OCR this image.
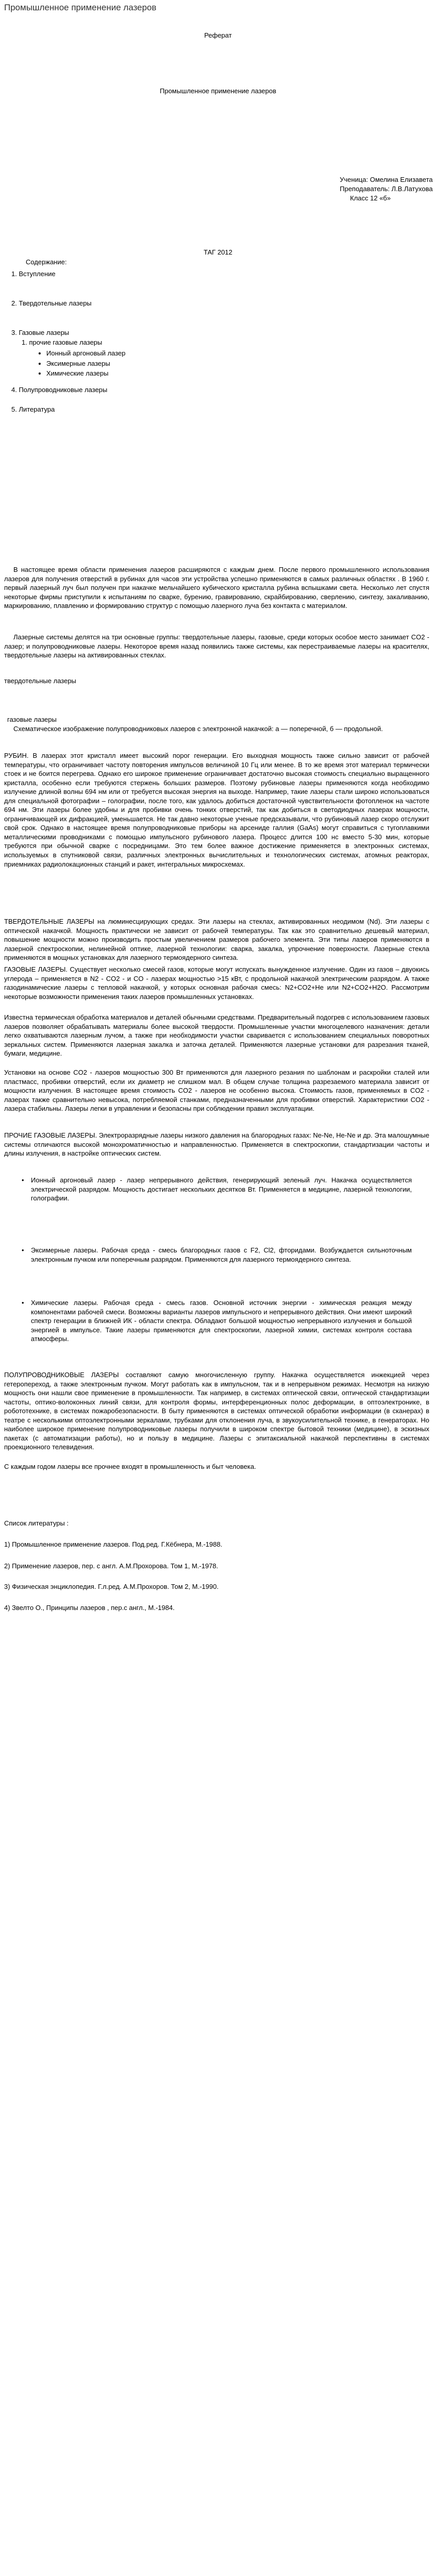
Промышленное применение лазеров
Реферат
Промышленное применение лазеров
Ученица: Омелина Елизавета
Преподаватель: Л.В.Латухова
Класс 12 «б»
ТАГ 2012
Содержание:
1. Вступление
2. Твердотельные лазеры
3. Газовые лазеры
1. прочие газовые лазеры
• Ионный аргоновый лазер
• Эксимерные лазеры
• Химические лазеры
4. Полупроводниковые лазеры
5. Литература
В настоящее время области применения лазеров расширяются с каждым днем. После первого промышленного использования лазеров для получения отверстий в рубинах для часов эти устройства успешно применяются в самых различных областях . В 1960 г. первый лазерный луч был получен при накачке мельчайшего кубического кристалла рубина вспышками света. Несколько лет спустя некоторые фирмы приступили к испытаниям по сварке, бурению, гравированию, скрайбированию, сверлению, синтезу, закаливанию, маркированию, плавлению и формированию структур с помощью лазерного луча без контакта с материалом.
Лазерные системы делятся на три основные группы: твердотельные лазеры, газовые, среди которых особое место занимает CO2 - лазер; и полупроводниковые лазеры. Некоторое время назад появились также системы, как перестраиваемые лазеры на красителях, твердотельные лазеры на активированных стеклах.
твердотельные лазеры
газовые лазеры
Схематическое изображение полупроводниковых лазеров с электронной накачкой: а — поперечной, б — продольной.
РУБИН. В лазерах этот кристалл имеет высокий порог генерации. Его выходная мощность также сильно зависит от рабочей температуры, что ограничивает частоту повторения импульсов величиной 10 Гц или менее. В то же время этот материал термически стоек и не боится перегрева. Однако его широкое применение ограничивает достаточно высокая стоимость специально выращенного кристалла, особенно если требуются стержень больших размеров. Поэтому рубиновые лазеры применяются когда необходимо излучение длиной волны 694 нм или от требуется высокая энергия на выходе. Например, такие лазеры стали широко использоваться для специальной фотографии – голографии, после того, как удалось добиться достаточной чувствительности фотопленок на частоте 694 нм. Эти лазеры более удобны и для пробивки очень тонких отверстий, так как добиться в светодиодных лазерах мощности, ограничивающей их дифракцией, уменьшается. Не так давно некоторые ученые предсказывали, что рубиновый лазер скоро отслужит свой срок. Однако в настоящее время полупроводниковые приборы на арсениде галлия (GaAs) могут справиться с тугоплавкими металлическими проводниками с помощью импульсного рубинового лазера. Процесс длится 100 нс вместо 5-30 мин, которые требуются при обычной сварке с посредницами. Это тем более важное достижение применяется в электронных системах, используемых в спутниковой связи, различных электронных вычислительных и технологических системах, атомных реакторах, приемниках радиолокационных станций и ракет, интегральных микросхемах.
ТВЕРДОТЕЛЬНЫЕ ЛАЗЕРЫ на люминесцирующих средах. Эти лазеры на стеклах, активированных неодимом (Nd). Эти лазеры с оптической накачкой. Мощность практически не зависит от рабочей температуры. Так как это сравнительно дешевый материал, повышение мощности можно производить простым увеличением размеров рабочего элемента. Эти типы лазеров применяются в лазерной спектроскопии, нелинейной оптике, лазерной технологии: сварка, закалка, упрочнение поверхности. Лазерные стекла применяются в мощных установках для лазерного термоядерного синтеза.
ГАЗОВЫЕ ЛАЗЕРЫ. Существует несколько смесей газов, которые могут испускать вынужденное излучение. Один из газов – двуокись углерода – применяется в N2 - CO2 - и CO - лазерах мощностью >15 кВт, с продольной накачкой электрическим разрядом. А также газодинамические лазеры с тепловой накачкой, у которых основная рабочая смесь: N2+CO2+He или N2+CO2+H2O. Рассмотрим некоторые возможности применения таких лазеров промышленных установках.
Известна термическая обработка материалов и деталей обычными средствами. Предварительный подогрев с использованием газовых лазеров позволяет обрабатывать материалы более высокой твердости. Промышленные участки многоцелевого назначения: детали легко охватываются лазерным лучом, а также при необходимости участки сваривается с использованием специальных поворотных зеркальных систем. Применяются лазерная закалка и заточка деталей. Применяются лазерные установки для разрезания тканей, бумаги, медицине.
Установки на основе CO2 - лазеров мощностью 300 Вт применяются для лазерного резания по шаблонам и раскройки сталей или пластмасс, пробивки отверстий, если их диаметр не слишком мал. В общем случае толщина разрезаемого материала зависит от мощности излучения. В настоящее время стоимость CO2 - лазеров не особенно высока. Стоимость газов, применяемых в CO2 - лазерах также сравнительно невысока, потребляемой станками, предназначенными для пробивки отверстий. Характеристики CO2 - лазера стабильны. Лазеры легки в управлении и безопасны при соблюдении правил эксплуатации.
ПРОЧИЕ ГАЗОВЫЕ ЛАЗЕРЫ. Электроразрядные лазеры низкого давления на благородных газах: Ne-Ne, He-Ne и др. Эта малошумные системы отличаются высокой монохроматичностью и направленностью. Применяется в спектроскопии, стандартизации частоты и длины излучения, в настройке оптических систем.
• Ионный аргоновый лазер - лазер непрерывного действия, генерирующий зеленый луч. Накачка осуществляется электрической разрядом. Мощность достигает нескольких десятков Вт. Применяется в медицине, лазерной технологии, голографии.
• Эксимерные лазеры. Рабочая среда - смесь благородных газов с F2, Cl2, фторидами. Возбуждается сильноточным электронным пучком или поперечным разрядом. Применяются для лазерного термоядерного синтеза.
• Химические лазеры. Рабочая среда - смесь газов. Основной источник энергии - химическая реакция между компонентами рабочей смеси. Возможны варианты лазеров импульсного и непрерывного действия. Они имеют широкий спектр генерации в ближней ИК - области спектра. Обладают большой мощностью непрерывного излучения и большой энергией в импульсе. Такие лазеры применяются для спектроскопии, лазерной химии, системах контроля состава атмосферы.
ПОЛУПРОВОДНИКОВЫЕ ЛАЗЕРЫ составляют самую многочисленную группу. Накачка осуществляется инжекцией через гетеропереход, а также электронным пучком. Могут работать как в импульсном, так и в непрерывном режимах. Несмотря на низкую мощность они нашли свое применение в промышленности. Так например, в системах оптической связи, оптической стандартизации частоты, оптико-волоконных линий связи, для контроля формы, интерференционных полос деформации, в оптоэлектронике, в робототехнике, в системах пожаробезопасности. В быту применяются в системах оптической обработки информации (в сканерах) в театре с несколькими оптоэлектронными зеркалами, трубками для отклонения луча, в звукоусилительной технике, в генераторах. Но наиболее широкое применение полупроводниковые лазеры получили в широком спектре бытовой техники (медицине), в эскизных пакетах (с автоматизации работы), но и пользу в медицине. Лазеры с эпитаксиальной накачкой перспективны в системах проекционного телевидения.
С каждым годом лазеры все прочнее входят в промышленность и быт человека.
Список литературы :
1) Промышленное применение лазеров. Под.ред. Г.Кёбнера, М.-1988.
2) Применение лазеров, пер. с англ. А.М.Прохорова. Том 1, М.-1978.
3) Физическая энциклопедия. Г.л.ред. А.М.Прохоров. Том 2, М.-1990.
4) Звелто О., Принципы лазеров , пер.с англ., М.-1984.
